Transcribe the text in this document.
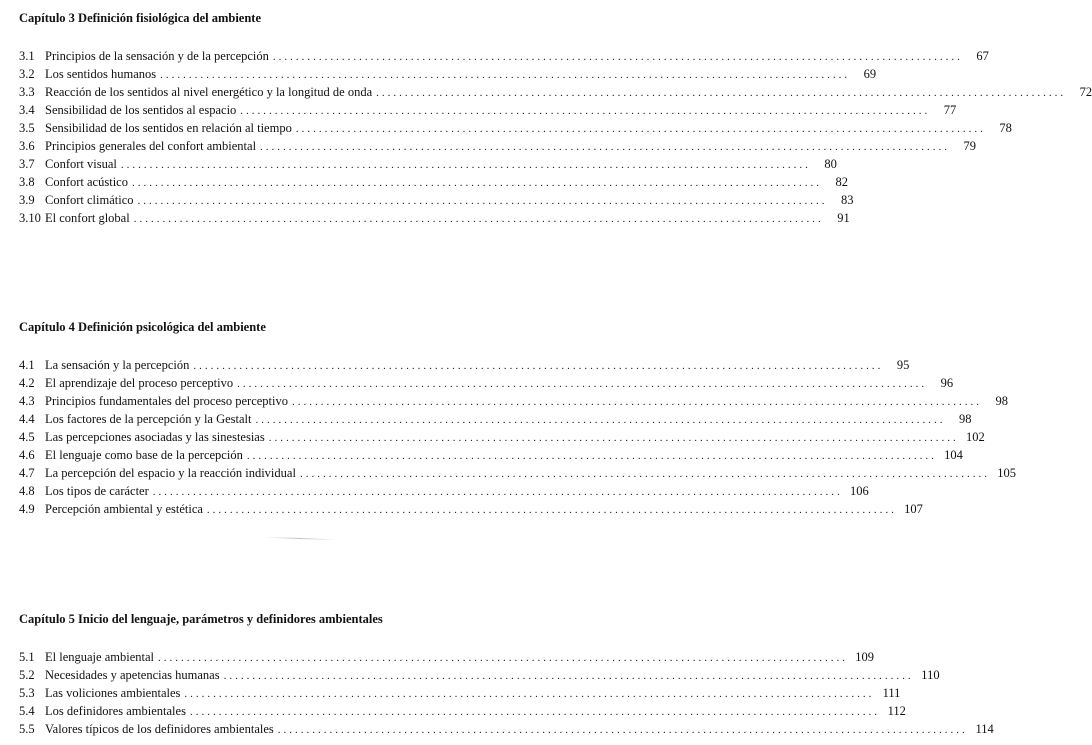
Capítulo 3 Definición fisiológica del ambiente
3.1 Principios de la sensación y de la percepción ........................................................................................................................	67
3.2 Los sentidos humanos ........................................................................................................................	69
3.3 Reacción de los sentidos al nivel energético y la longitud de onda ........................................................................................................................	72
3.4 Sensibilidad de los sentidos al espacio ........................................................................................................................	77
3.5 Sensibilidad de los sentidos en relación al tiempo ........................................................................................................................	78
3.6 Principios generales del confort ambiental ........................................................................................................................	79
3.7 Confort visual ........................................................................................................................	80
3.8 Confort acústico ........................................................................................................................	82
3.9 Confort climático ........................................................................................................................	83
3.10 El confort global ........................................................................................................................	91
Capítulo 4 Definición psicológica del ambiente
4.1 La sensación y la percepción ........................................................................................................................	95
4.2 El aprendizaje del proceso perceptivo ........................................................................................................................	96
4.3 Principios fundamentales del proceso perceptivo ........................................................................................................................	98
4.4 Los factores de la percepción y la Gestalt ........................................................................................................................	98
4.5 Las percepciones asociadas y las sinestesias ........................................................................................................................ 102
4.6 El lenguaje como base de la percepción ........................................................................................................................ 104
4.7 La percepción del espacio y la reacción individual ........................................................................................................................ 105
4.8 Los tipos de carácter ........................................................................................................................ 106
4.9 Percepción ambiental y estética ........................................................................................................................ 107
Capítulo 5 Inicio del lenguaje, parámetros y definidores ambientales
5.1 El lenguaje ambiental ........................................................................................................................ 109
5.2 Necesidades y apetencias humanas ........................................................................................................................ 110
5.3 Las voliciones ambientales ........................................................................................................................ 111
5.4 Los definidores ambientales ........................................................................................................................ 112
5.5 Valores típicos de los definidores ambientales ........................................................................................................................ 114
